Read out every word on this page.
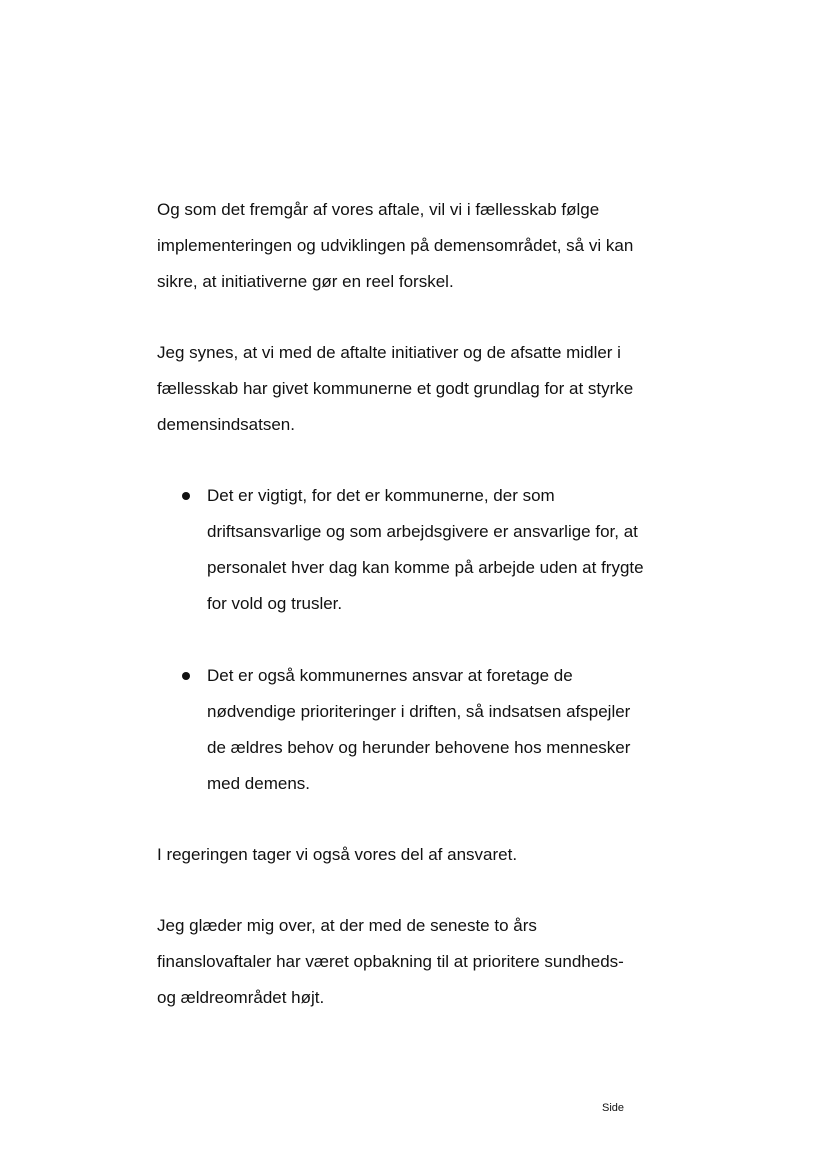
Og som det fremgår af vores aftale, vil vi i fællesskab følge
implementeringen og udviklingen på demensområdet, så vi kan
sikre, at initiativerne gør en reel forskel.
Jeg synes, at vi med de aftalte initiativer og de afsatte midler i
fællesskab har givet kommunerne et godt grundlag for at styrke
demensindsatsen.
Det er vigtigt, for det er kommunerne, der som
driftsansvarlige og som arbejdsgivere er ansvarlige for, at
personalet hver dag kan komme på arbejde uden at frygte
for vold og trusler.
Det er også kommunernes ansvar at foretage de
nødvendige prioriteringer i driften, så indsatsen afspejler
de ældres behov og herunder behovene hos mennesker
med demens.
I regeringen tager vi også vores del af ansvaret.
Jeg glæder mig over, at der med de seneste to års
finanslovaftaler har været opbakning til at prioritere sundheds-
og ældreområdet højt.
Side
